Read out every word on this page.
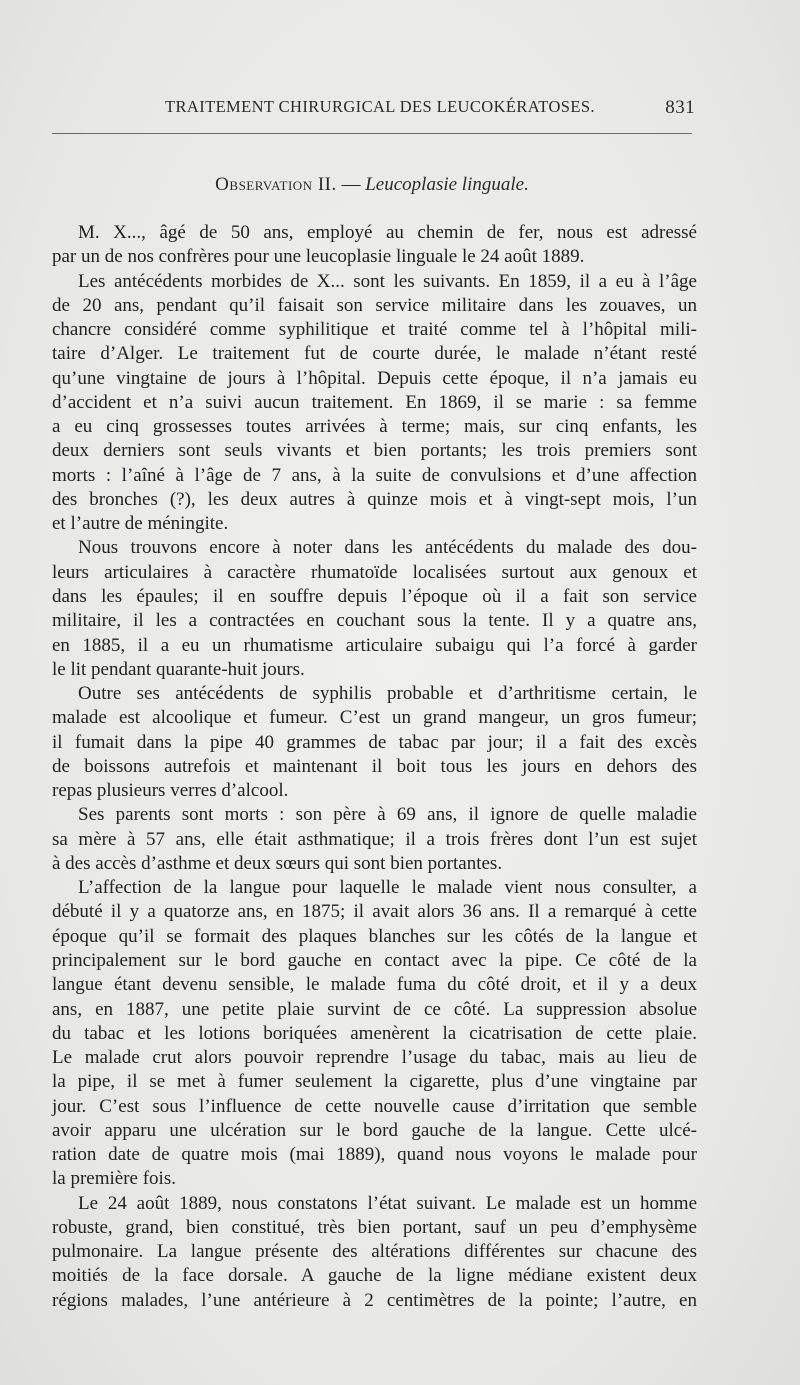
TRAITEMENT CHIRURGICAL DES LEUCOKÉRATOSES.	831
Observation II. — Leucoplasie linguale.
M. X..., âgé de 50 ans, employé au chemin de fer, nous est adressé
par un de nos confrères pour une leucoplasie linguale le 24 août 1889.
Les antécédents morbides de X... sont les suivants. En 1859, il a eu à l’âge
de 20 ans, pendant qu’il faisait son service militaire dans les zouaves, un
chancre considéré comme syphilitique et traité comme tel à l’hôpital mili-
taire d’Alger. Le traitement fut de courte durée, le malade n’étant resté
qu’une vingtaine de jours à l’hôpital. Depuis cette époque, il n’a jamais eu
d’accident et n’a suivi aucun traitement. En 1869, il se marie : sa femme
a eu cinq grossesses toutes arrivées à terme; mais, sur cinq enfants, les
deux derniers sont seuls vivants et bien portants; les trois premiers sont
morts : l’aîné à l’âge de 7 ans, à la suite de convulsions et d’une affection
des bronches (?), les deux autres à quinze mois et à vingt-sept mois, l’un
et l’autre de méningite.
Nous trouvons encore à noter dans les antécédents du malade des dou-
leurs articulaires à caractère rhumatoïde localisées surtout aux genoux et
dans les épaules; il en souffre depuis l’époque où il a fait son service
militaire, il les a contractées en couchant sous la tente. Il y a quatre ans,
en 1885, il a eu un rhumatisme articulaire subaigu qui l’a forcé à garder
le lit pendant quarante-huit jours.
Outre ses antécédents de syphilis probable et d’arthritisme certain, le
malade est alcoolique et fumeur. C’est un grand mangeur, un gros fumeur;
il fumait dans la pipe 40 grammes de tabac par jour; il a fait des excès
de boissons autrefois et maintenant il boit tous les jours en dehors des
repas plusieurs verres d’alcool.
Ses parents sont morts : son père à 69 ans, il ignore de quelle maladie
sa mère à 57 ans, elle était asthmatique; il a trois frères dont l’un est sujet
à des accès d’asthme et deux sœurs qui sont bien portantes.
L’affection de la langue pour laquelle le malade vient nous consulter, a
débuté il y a quatorze ans, en 1875; il avait alors 36 ans. Il a remarqué à cette
époque qu’il se formait des plaques blanches sur les côtés de la langue et
principalement sur le bord gauche en contact avec la pipe. Ce côté de la
langue étant devenu sensible, le malade fuma du côté droit, et il y a deux
ans, en 1887, une petite plaie survint de ce côté. La suppression absolue
du tabac et les lotions boriquées amenèrent la cicatrisation de cette plaie.
Le malade crut alors pouvoir reprendre l’usage du tabac, mais au lieu de
la pipe, il se met à fumer seulement la cigarette, plus d’une vingtaine par
jour. C’est sous l’influence de cette nouvelle cause d’irritation que semble
avoir apparu une ulcération sur le bord gauche de la langue. Cette ulcé-
ration date de quatre mois (mai 1889), quand nous voyons le malade pour
la première fois.
Le 24 août 1889, nous constatons l’état suivant. Le malade est un homme
robuste, grand, bien constitué, très bien portant, sauf un peu d’emphysème
pulmonaire. La langue présente des altérations différentes sur chacune des
moitiés de la face dorsale. A gauche de la ligne médiane existent deux
régions malades, l’une antérieure à 2 centimètres de la pointe; l’autre, en
